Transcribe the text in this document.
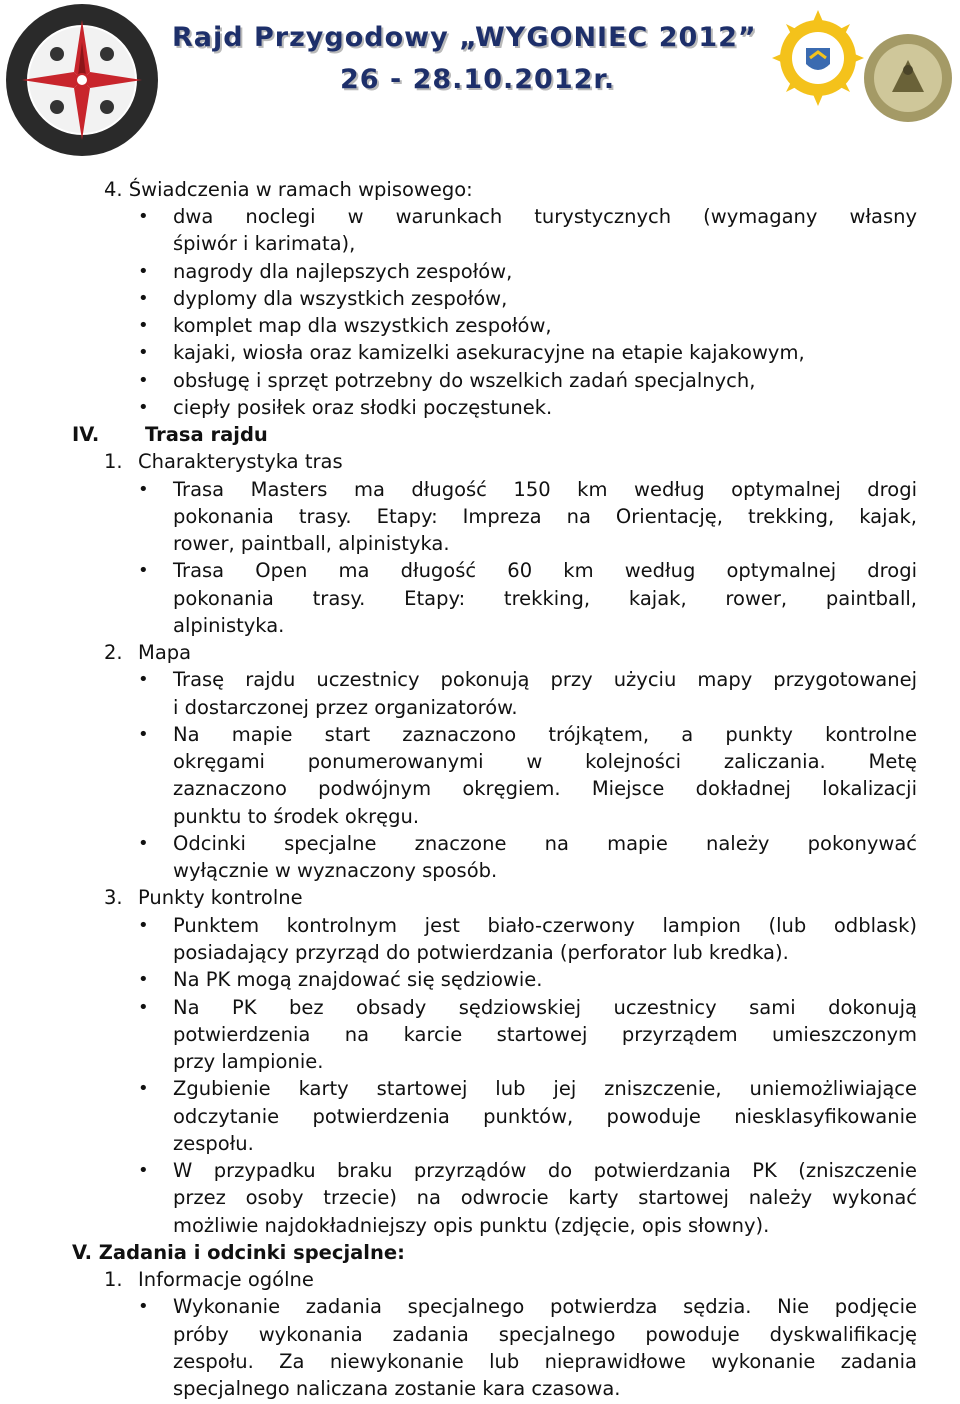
Rajd Przygodowy „WYGONIEC 2012”
26 - 28.10.2012r.
4. Świadczenia w ramach wpisowego:
• dwa noclegi w warunkach turystycznych (wymagany własny
śpiwór i karimata),
• nagrody dla najlepszych zespołów,
• dyplomy dla wszystkich zespołów,
• komplet map dla wszystkich zespołów,
• kajaki, wiosła oraz kamizelki asekuracyjne na etapie kajakowym,
• obsługę i sprzęt potrzebny do wszelkich zadań specjalnych,
• ciepły posiłek oraz słodki poczęstunek.
IV. Trasa rajdu
1. Charakterystyka tras
• Trasa Masters ma długość 150 km według optymalnej drogi
pokonania trasy. Etapy: Impreza na Orientację, trekking, kajak,
rower, paintball, alpinistyka.
• Trasa Open ma długość 60 km według optymalnej drogi
pokonania trasy. Etapy: trekking, kajak, rower, paintball,
alpinistyka.
2. Mapa
• Trasę rajdu uczestnicy pokonują przy użyciu mapy przygotowanej
i dostarczonej przez organizatorów.
• Na mapie start zaznaczono trójkątem, a punkty kontrolne
okręgami ponumerowanymi w kolejności zaliczania. Metę
zaznaczono podwójnym okręgiem. Miejsce dokładnej lokalizacji
punktu to środek okręgu.
• Odcinki specjalne znaczone na mapie należy pokonywać
wyłącznie w wyznaczony sposób.
3. Punkty kontrolne
• Punktem kontrolnym jest biało-czerwony lampion (lub odblask)
posiadający przyrząd do potwierdzania (perforator lub kredka).
• Na PK mogą znajdować się sędziowie.
• Na PK bez obsady sędziowskiej uczestnicy sami dokonują
potwierdzenia na karcie startowej przyrządem umieszczonym
przy lampionie.
• Zgubienie karty startowej lub jej zniszczenie, uniemożliwiające
odczytanie potwierdzenia punktów, powoduje niesklasyfikowanie
zespołu.
• W przypadku braku przyrządów do potwierdzania PK (zniszczenie
przez osoby trzecie) na odwrocie karty startowej należy wykonać
możliwie najdokładniejszy opis punktu (zdjęcie, opis słowny).
V. Zadania i odcinki specjalne:
1. Informacje ogólne
• Wykonanie zadania specjalnego potwierdza sędzia. Nie podjęcie
próby wykonania zadania specjalnego powoduje dyskwalifikację
zespołu. Za niewykonanie lub nieprawidłowe wykonanie zadania
specjalnego naliczana zostanie kara czasowa.
